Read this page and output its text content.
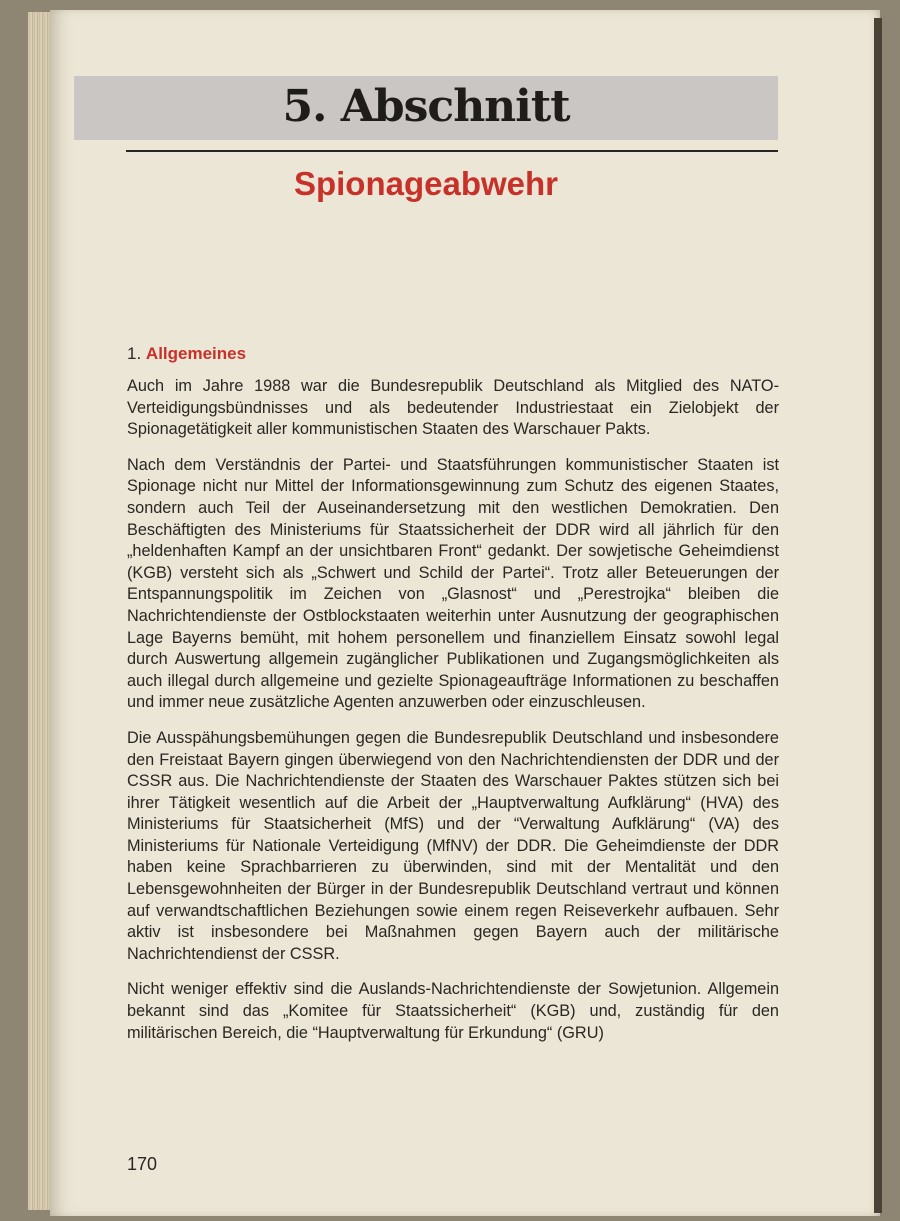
5. Abschnitt
Spionageabwehr
1. Allgemeines

Auch im Jahre 1988 war die Bundesrepublik Deutschland als Mitglied des NATO-Verteidigungsbündnisses und als bedeutender Industriestaat ein Zielobjekt der Spionagetätigkeit aller kommunistischen Staaten des Warschauer Pakts.

Nach dem Verständnis der Partei- und Staatsführungen kommunistischer Staaten ist Spionage nicht nur Mittel der Informationsgewinnung zum Schutz des eigenen Staates, sondern auch Teil der Auseinandersetzung mit den westlichen Demokratien. Den Beschäftigten des Ministeriums für Staatssicherheit der DDR wird all jährlich für den „heldenhaften Kampf an der unsichtbaren Front“ gedankt. Der sowjetische Geheimdienst (KGB) versteht sich als „Schwert und Schild der Partei“. Trotz aller Beteuerungen der Entspannungspolitik im Zeichen von „Glasnost“ und „Perestrojka“ bleiben die Nachrichtendienste der Ostblockstaaten weiterhin unter Ausnutzung der geographischen Lage Bayerns bemüht, mit hohem personellem und finanziellem Einsatz sowohl legal durch Auswertung allgemein zugänglicher Publikationen und Zugangsmöglichkeiten als auch illegal durch allgemeine und gezielte Spionageaufträge Informationen zu beschaffen und immer neue zusätzliche Agenten anzuwerben oder einzuschleusen.

Die Ausspähungsbemühungen gegen die Bundesrepublik Deutschland und insbesondere den Freistaat Bayern gingen überwiegend von den Nachrichtendiensten der DDR und der CSSR aus. Die Nachrichtendienste der Staaten des Warschauer Paktes stützen sich bei ihrer Tätigkeit wesentlich auf die Arbeit der „Hauptverwaltung Aufklärung“ (HVA) des Ministeriums für Staatsicherheit (MfS) und der “Verwaltung Aufklärung“ (VA) des Ministeriums für Nationale Verteidigung (MfNV) der DDR. Die Geheimdienste der DDR haben keine Sprachbarrieren zu überwinden, sind mit der Mentalität und den Lebensgewohnheiten der Bürger in der Bundesrepublik Deutschland vertraut und können auf verwandtschaftlichen Beziehungen sowie einem regen Reiseverkehr aufbauen. Sehr aktiv ist insbesondere bei Maßnahmen gegen Bayern auch der militärische Nachrichtendienst der CSSR.

Nicht weniger effektiv sind die Auslands-Nachrichtendienste der Sowjetunion. Allgemein bekannt sind das „Komitee für Staatssicherheit“ (KGB) und, zuständig für den militärischen Bereich, die “Hauptverwaltung für Erkundung“ (GRU)

170
